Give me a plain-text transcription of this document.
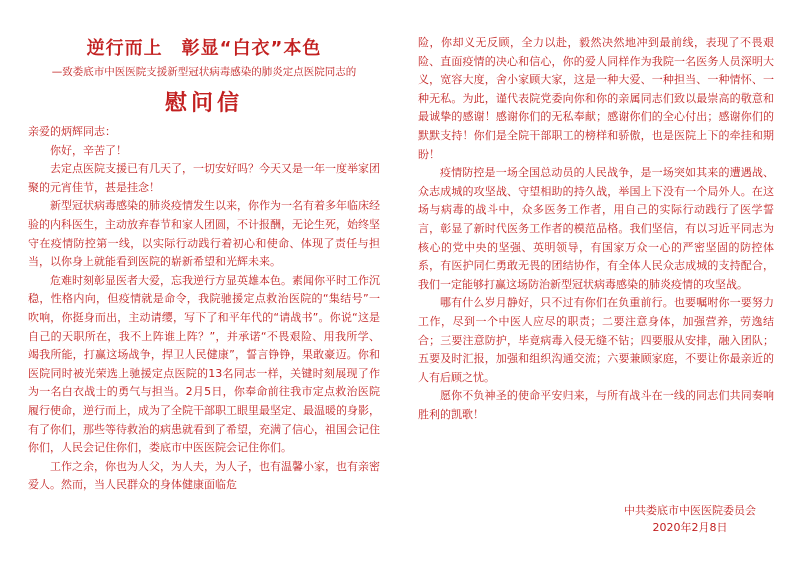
逆行而上　彰显“白衣”本色
—致娄底市中医医院支援新型冠状病毒感染的肺炎定点医院同志的
慰问信

亲爱的炳辉同志：

你好，辛苦了！

去定点医院支援已有几天了，一切安好吗？今天又是一年一度举家团聚的元宵佳节，甚是挂念！

新型冠状病毒感染的肺炎疫情发生以来，你作为一名有着多年临床经验的内科医生，主动放弃春节和家人团圆，不计报酬，无论生死，始终坚守在疫情防控第一线，以实际行动践行着初心和使命、体现了责任与担当，以你身上就能看到医院的崭新希望和光辉未来。

危难时刻彰显医者大爱，忘我逆行方显英雄本色。素闻你平时工作沉稳，性格内向，但疫情就是命令，我院驰援定点救治医院的“集结号”一吹响，你挺身而出，主动请缨，写下了和平年代的“请战书”。你说“这是自己的天职所在，我不上阵谁上阵？”，并承诺“不畏艰险、用我所学、竭我所能，打赢这场战争，捍卫人民健康”，誓言铮铮，果敢豪迈。你和医院同时被光荣选上驰援定点医院的13名同志一样，关键时刻展现了作为一名白衣战士的勇气与担当。2月5日，你奉命前往我市定点救治医院履行使命，逆行而上，成为了全院干部职工眼里最坚定、最温暖的身影，有了你们，那些等待救治的病患就看到了希望，充满了信心，祖国会记住你们，人民会记住你们，娄底市中医医院会记住你们。

工作之余，你也为人父，为人夫，为人子，也有温馨小家，也有亲密爱人。然而，当人民群众的身体健康面临危

险，你却义无反顾，全力以赴，毅然决然地冲到最前线，表现了不畏艰险、直面疫情的决心和信心，你的爱人同样作为我院一名医务人员深明大义，宽容大度，舍小家顾大家，这是一种大爱、一种担当、一种情怀、一种无私。为此，谨代表院党委向你和你的亲属同志们致以最崇高的敬意和最诚挚的感谢！感谢你们的无私奉献；感谢你们的全心付出；感谢你们的默默支持！你们是全院干部职工的榜样和骄傲，也是医院上下的牵挂和期盼！

疫情防控是一场全国总动员的人民战争，是一场突如其来的遭遇战、众志成城的攻坚战、守望相助的持久战，举国上下没有一个局外人。在这场与病毒的战斗中，众多医务工作者，用自己的实际行动践行了医学誓言，彰显了新时代医务工作者的模范品格。我们坚信，有以习近平同志为核心的党中央的坚强、英明领导，有国家万众一心的严密坚固的防控体系，有医护同仁勇敢无畏的团结协作，有全体人民众志成城的支持配合，我们一定能够打赢这场防治新型冠状病毒感染的肺炎疫情的攻坚战。

哪有什么岁月静好，只不过有你们在负重前行。也要嘱咐你一要努力工作，尽到一个中医人应尽的职责；二要注意身体，加强营养，劳逸结合；三要注意防护，毕竟病毒入侵无缝不钻；四要服从安排，融入团队；五要及时汇报，加强和组织沟通交流；六要兼顾家庭，不要让你最亲近的人有后顾之忧。

愿你不负神圣的使命平安归来，与所有战斗在一线的同志们共同奏响胜利的凯歌！

中共娄底市中医医院委员会
2020年2月8日
